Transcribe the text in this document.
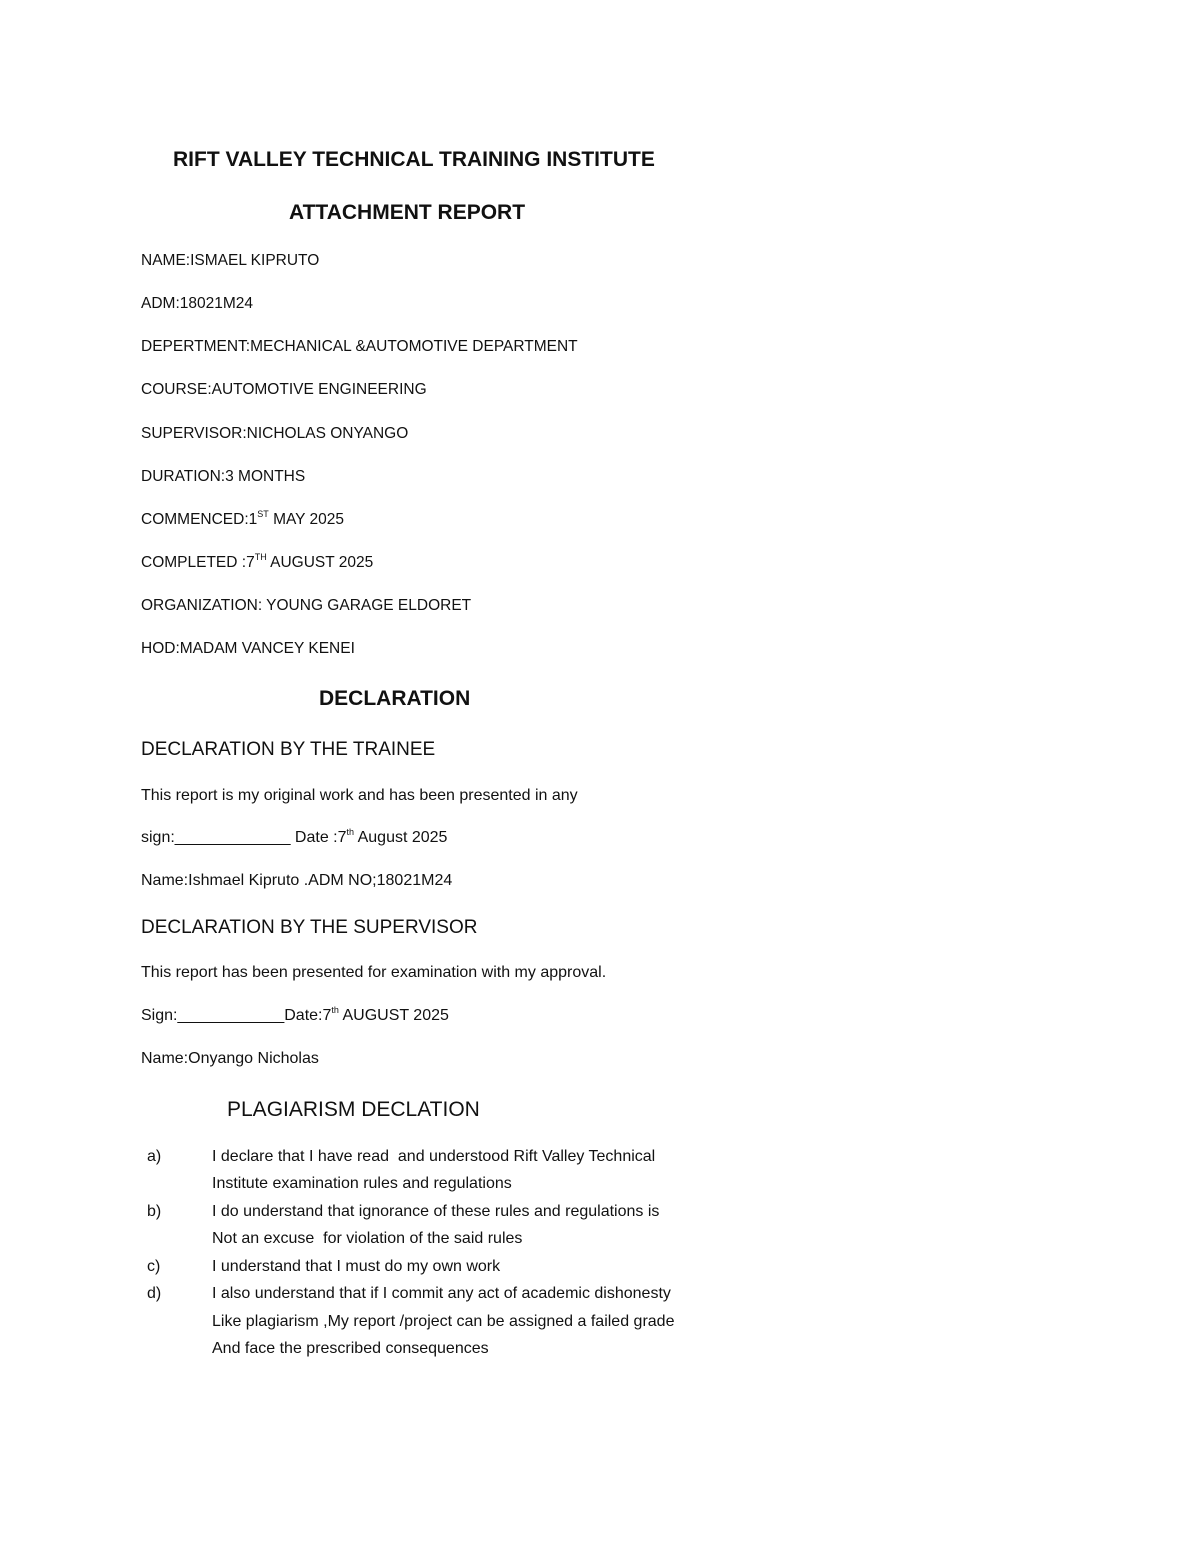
RIFT VALLEY TECHNICAL TRAINING INSTITUTE
ATTACHMENT REPORT
NAME:ISMAEL KIPRUTO
ADM:18021M24
DEPERTMENT:MECHANICAL &AUTOMOTIVE DEPARTMENT
COURSE:AUTOMOTIVE ENGINEERING
SUPERVISOR:NICHOLAS ONYANGO
DURATION:3 MONTHS
COMMENCED:1ST MAY 2025
COMPLETED :7TH AUGUST 2025
ORGANIZATION: YOUNG GARAGE ELDORET
HOD:MADAM VANCEY KENEI
DECLARATION
DECLARATION BY THE TRAINEE
This report is my original work and has been presented in any
sign:_____________ Date :7th August 2025
Name:Ishmael Kipruto .ADM NO;18021M24
DECLARATION BY THE SUPERVISOR
This report has been presented for examination with my approval.
Sign:____________Date:7th AUGUST 2025
Name:Onyango Nicholas
PLAGIARISM DECLATION
a)	I declare that I have read  and understood Rift Valley Technical
Institute examination rules and regulations
b)	I do understand that ignorance of these rules and regulations is
Not an excuse  for violation of the said rules
c)	I understand that I must do my own work
d)	I also understand that if I commit any act of academic dishonesty
Like plagiarism ,My report /project can be assigned a failed grade
And face the prescribed consequences
